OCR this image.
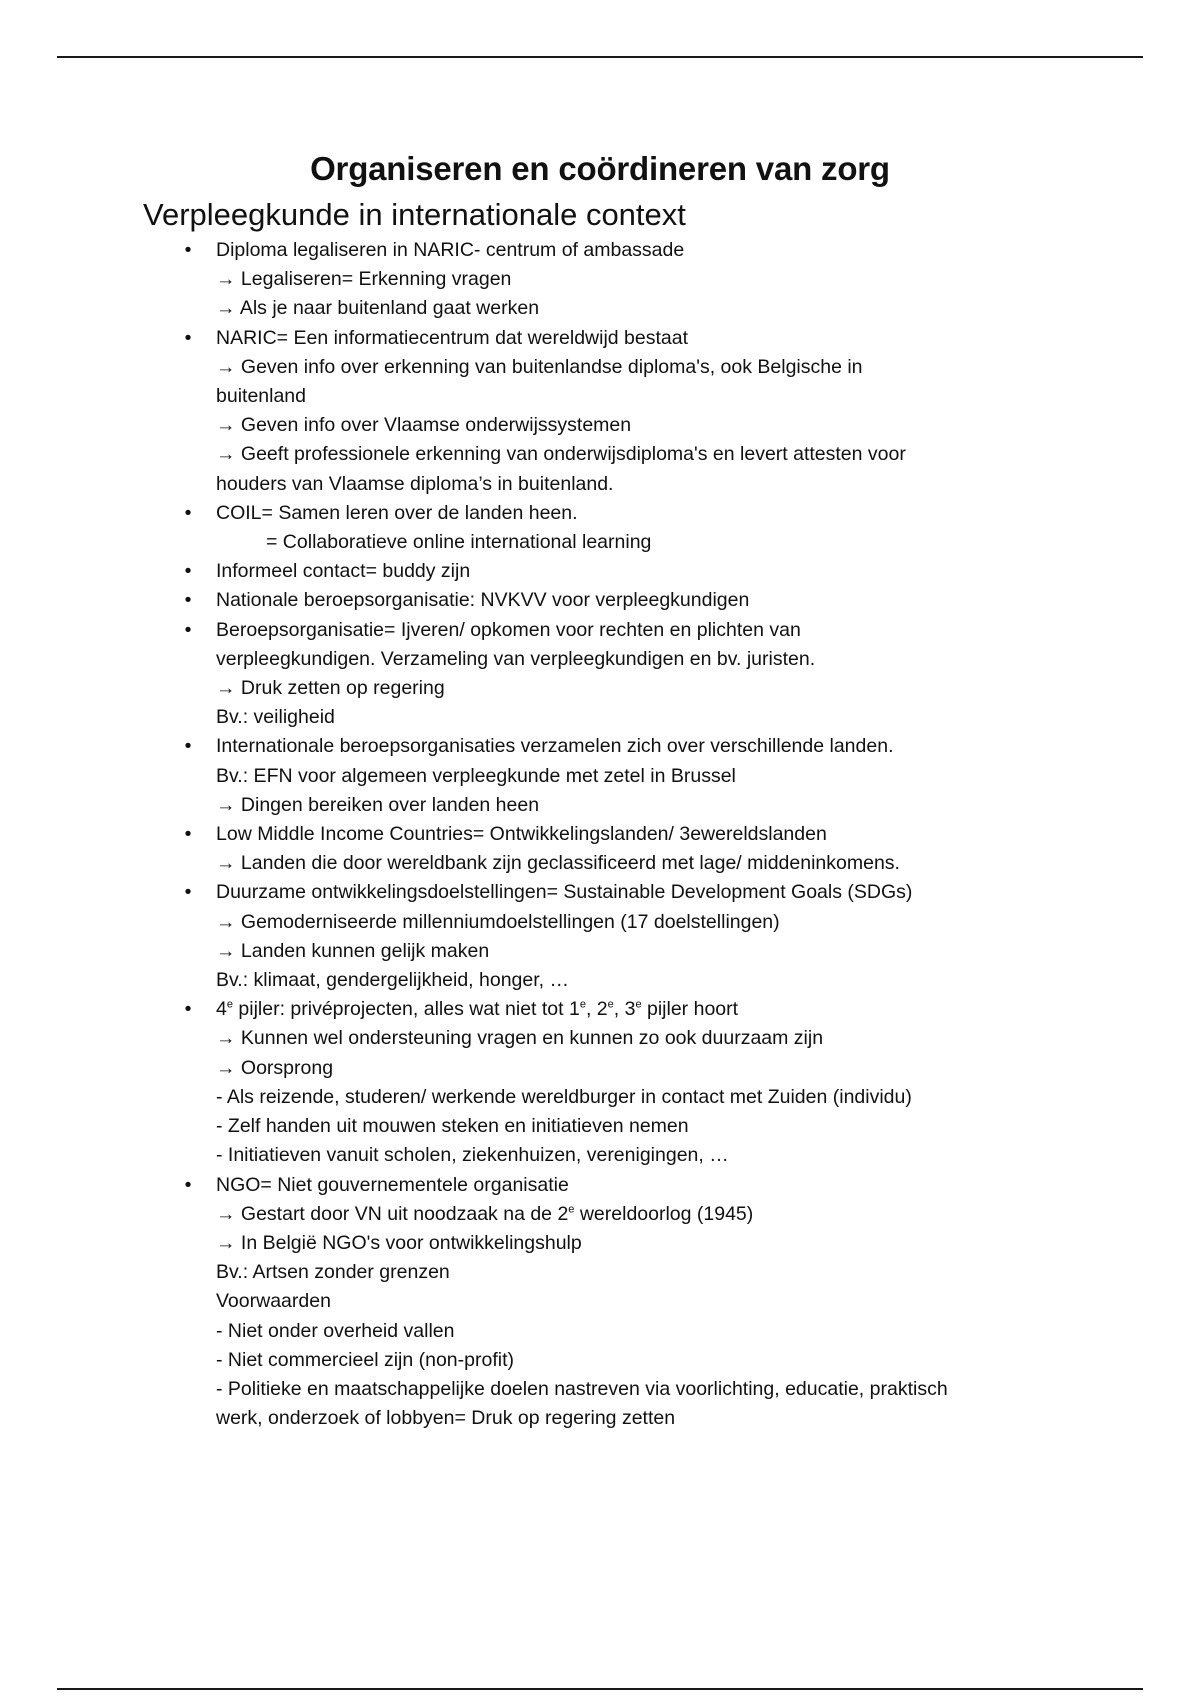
Organiseren en coördineren van zorg
Verpleegkunde in internationale context
•	Diploma legaliseren in NARIC- centrum of ambassade
→ Legaliseren= Erkenning vragen
→ Als je naar buitenland gaat werken
•	NARIC= Een informatiecentrum dat wereldwijd bestaat
→ Geven info over erkenning van buitenlandse diploma's, ook Belgische in
buitenland
→ Geven info over Vlaamse onderwijssystemen
→ Geeft professionele erkenning van onderwijsdiploma's en levert attesten voor
houders van Vlaamse diploma’s in buitenland.
•	COIL= Samen leren over de landen heen.
= Collaboratieve online international learning
•	Informeel contact= buddy zijn
•	Nationale beroepsorganisatie: NVKVV voor verpleegkundigen
•	Beroepsorganisatie= Ijveren/ opkomen voor rechten en plichten van
verpleegkundigen. Verzameling van verpleegkundigen en bv. juristen.
→ Druk zetten op regering
Bv.: veiligheid
•	Internationale beroepsorganisaties verzamelen zich over verschillende landen.
Bv.: EFN voor algemeen verpleegkunde met zetel in Brussel
→ Dingen bereiken over landen heen
•	Low Middle Income Countries= Ontwikkelingslanden/ 3ewereldslanden
→ Landen die door wereldbank zijn geclassificeerd met lage/ middeninkomens.
•	Duurzame ontwikkelingsdoelstellingen= Sustainable Development Goals (SDGs)
→ Gemoderniseerde millenniumdoelstellingen (17 doelstellingen)
→ Landen kunnen gelijk maken
Bv.: klimaat, gendergelijkheid, honger, …
•	4e pijler: privéprojecten, alles wat niet tot 1e, 2e, 3e pijler hoort
→ Kunnen wel ondersteuning vragen en kunnen zo ook duurzaam zijn
→ Oorsprong
- Als reizende, studeren/ werkende wereldburger in contact met Zuiden (individu)
- Zelf handen uit mouwen steken en initiatieven nemen
- Initiatieven vanuit scholen, ziekenhuizen, verenigingen, …
•	NGO= Niet gouvernementele organisatie
→ Gestart door VN uit noodzaak na de 2e wereldoorlog (1945)
→ In België NGO's voor ontwikkelingshulp
Bv.: Artsen zonder grenzen
Voorwaarden
- Niet onder overheid vallen
- Niet commercieel zijn (non-profit)
- Politieke en maatschappelijke doelen nastreven via voorlichting, educatie, praktisch
werk, onderzoek of lobbyen= Druk op regering zetten
